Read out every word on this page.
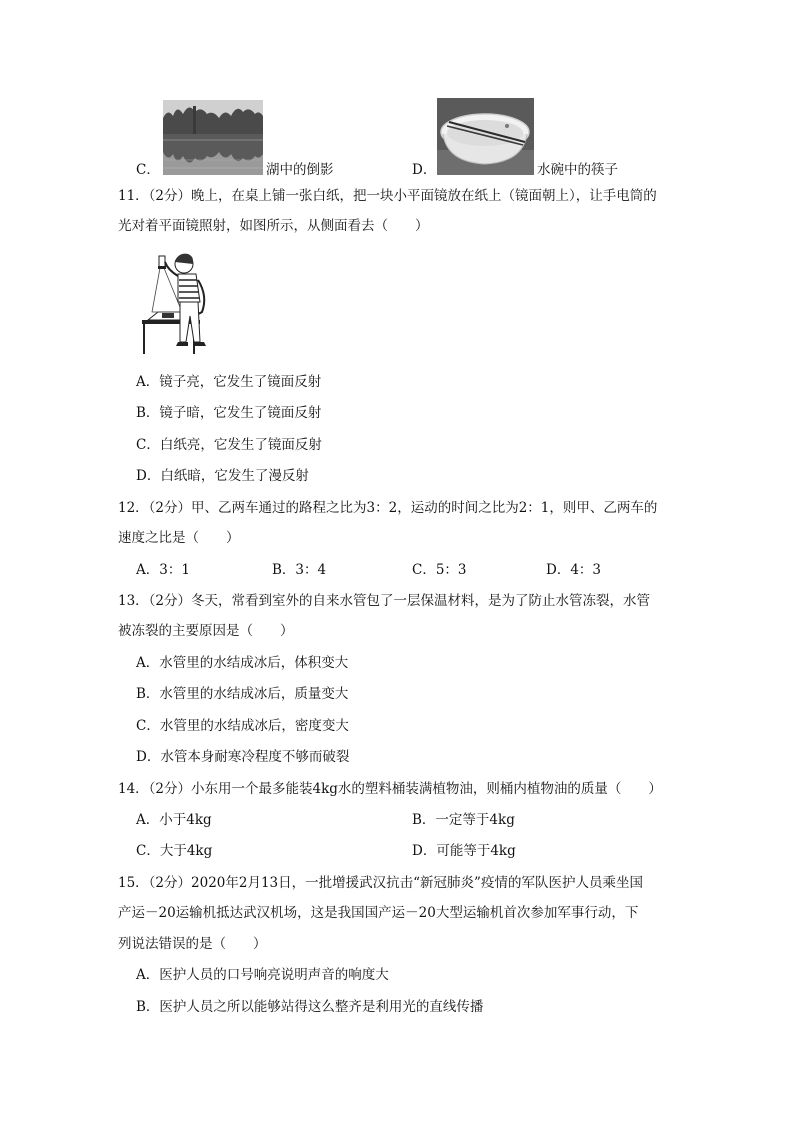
C．	湖中的倒影	D．	水碗中的筷子
11．（2分）晚上，在桌上铺一张白纸，把一块小平面镜放在纸上（镜面朝上），让手电筒的
光对着平面镜照射，如图所示，从侧面看去（　　）
A．镜子亮，它发生了镜面反射
B．镜子暗，它发生了镜面反射
C．白纸亮，它发生了镜面反射
D．白纸暗，它发生了漫反射
12．（2分）甲、乙两车通过的路程之比为3：2，运动的时间之比为2：1，则甲、乙两车的
速度之比是（　　）
A．3：1	B．3：4	C．5：3	D．4：3
13．（2分）冬天，常看到室外的自来水管包了一层保温材料，是为了防止水管冻裂，水管
被冻裂的主要原因是（　　）
A．水管里的水结成冰后，体积变大
B．水管里的水结成冰后，质量变大
C．水管里的水结成冰后，密度变大
D．水管本身耐寒冷程度不够而破裂
14．（2分）小东用一个最多能装4kg水的塑料桶装满植物油，则桶内植物油的质量（　　）
A．小于4kg	B．一定等于4kg
C．大于4kg	D．可能等于4kg
15．（2分）2020年2月13日，一批增援武汉抗击“新冠肺炎”疫情的军队医护人员乘坐国
产运－20运输机抵达武汉机场，这是我国国产运－20大型运输机首次参加军事行动，下
列说法错误的是（　　）
A．医护人员的口号响亮说明声音的响度大
B．医护人员之所以能够站得这么整齐是利用光的直线传播
